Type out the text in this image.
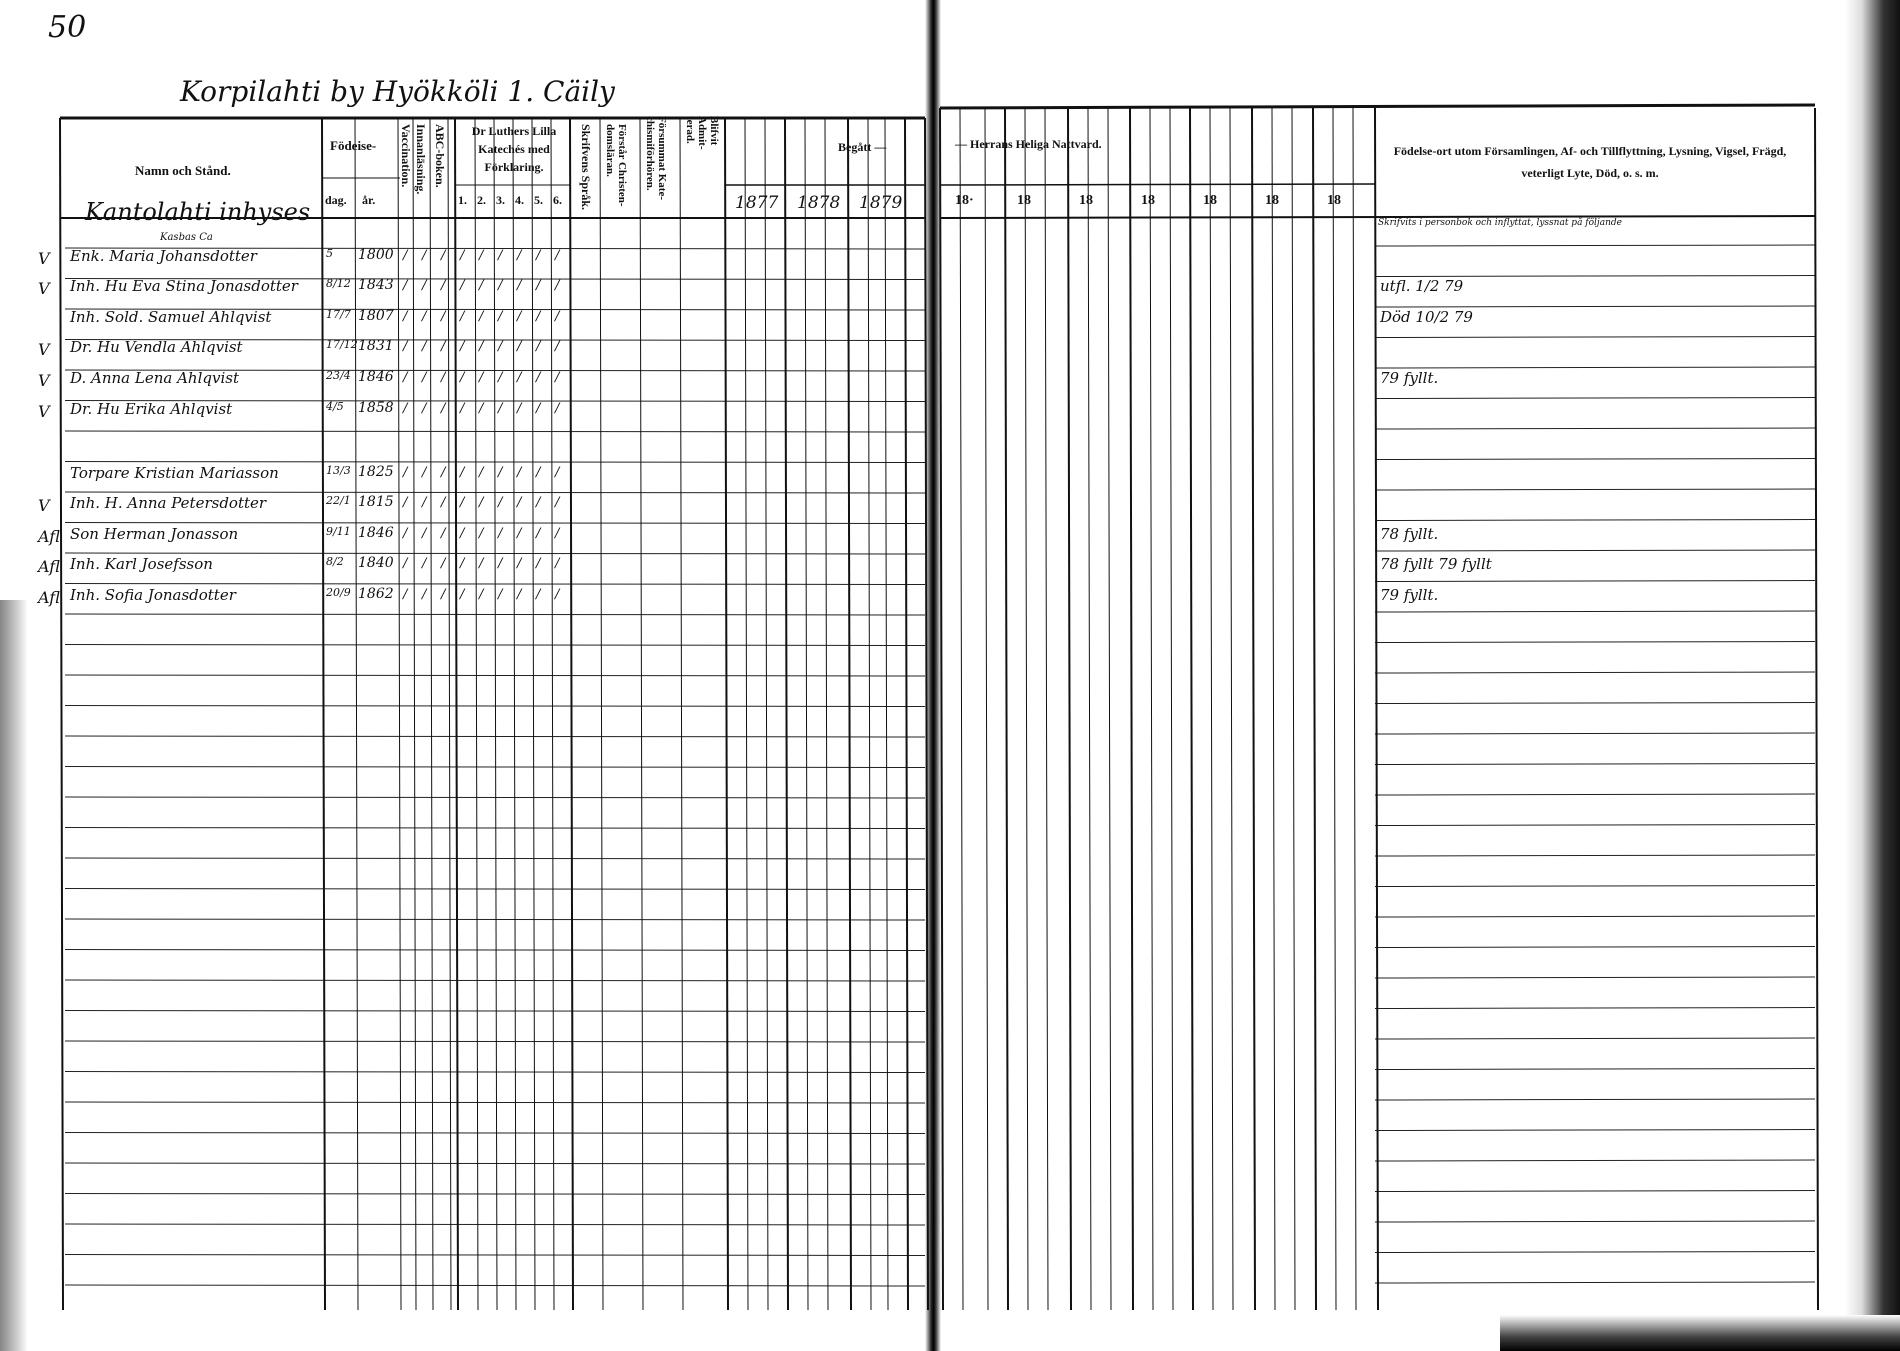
50
Korpilahti by Hyökköli 1. Cäily
Namn och Stånd.
Födeise-
dag. år.
Vaccination. Innanläsning. ABC-boken.	Dr Luthers Lilla Katechés med Förklaring.
1. 2. 3. 4. 5. 6. Skrifvens Språk.	Förstår Christen- domsläran.	Försummat Kate- chismiförhören.	Blifvit Admit- terad.
Begått —	— Herrans Heliga Nattvard.	Födelse-ort utom Församlingen, Af- och Tillflyttning, Lysning, Vigsel, Frägd, veterligt Lyte, Död, o. s. m.
1877 1878 1879	18·	18	18	18	18	18	18
Kantolahti inhyses
Kasbas Ca
Skrifvits i personbok och inflyttat, lyssnat på följande
V Enk. Maria Johansdotter	5 1800 / / / / / / / / /
V Inh. Hu Eva Stina Jonasdotter	8/12 1843 / / / / / / / / /	utfl. 1/2 79
Inh. Sold. Samuel Ahlqvist	17/7 1807 / / / / / / / / /	Död 10/2 79
V Dr. Hu Vendla Ahlqvist	17/12 1831 / / / / / / / / /
V D. Anna Lena Ahlqvist	23/4 1846 / / / / / / / / /	79 fyllt.
V Dr. Hu Erika Ahlqvist	4/5 1858 / / / / / / / / /
Torpare Kristian Mariasson	13/3 1825 / / / / / / / / /
V Inh. H. Anna Petersdotter	22/1 1815 / / / / / / / / /
Afl Son Herman Jonasson	9/11 1846 / / / / / / / / /	78 fyllt.
Afl Inh. Karl Josefsson	8/2 1840 / / / / / / / / /	78 fyllt 79 fyllt
Afl Inh. Sofia Jonasdotter	20/9 1862 / / / / / / / / /	79 fyllt.
